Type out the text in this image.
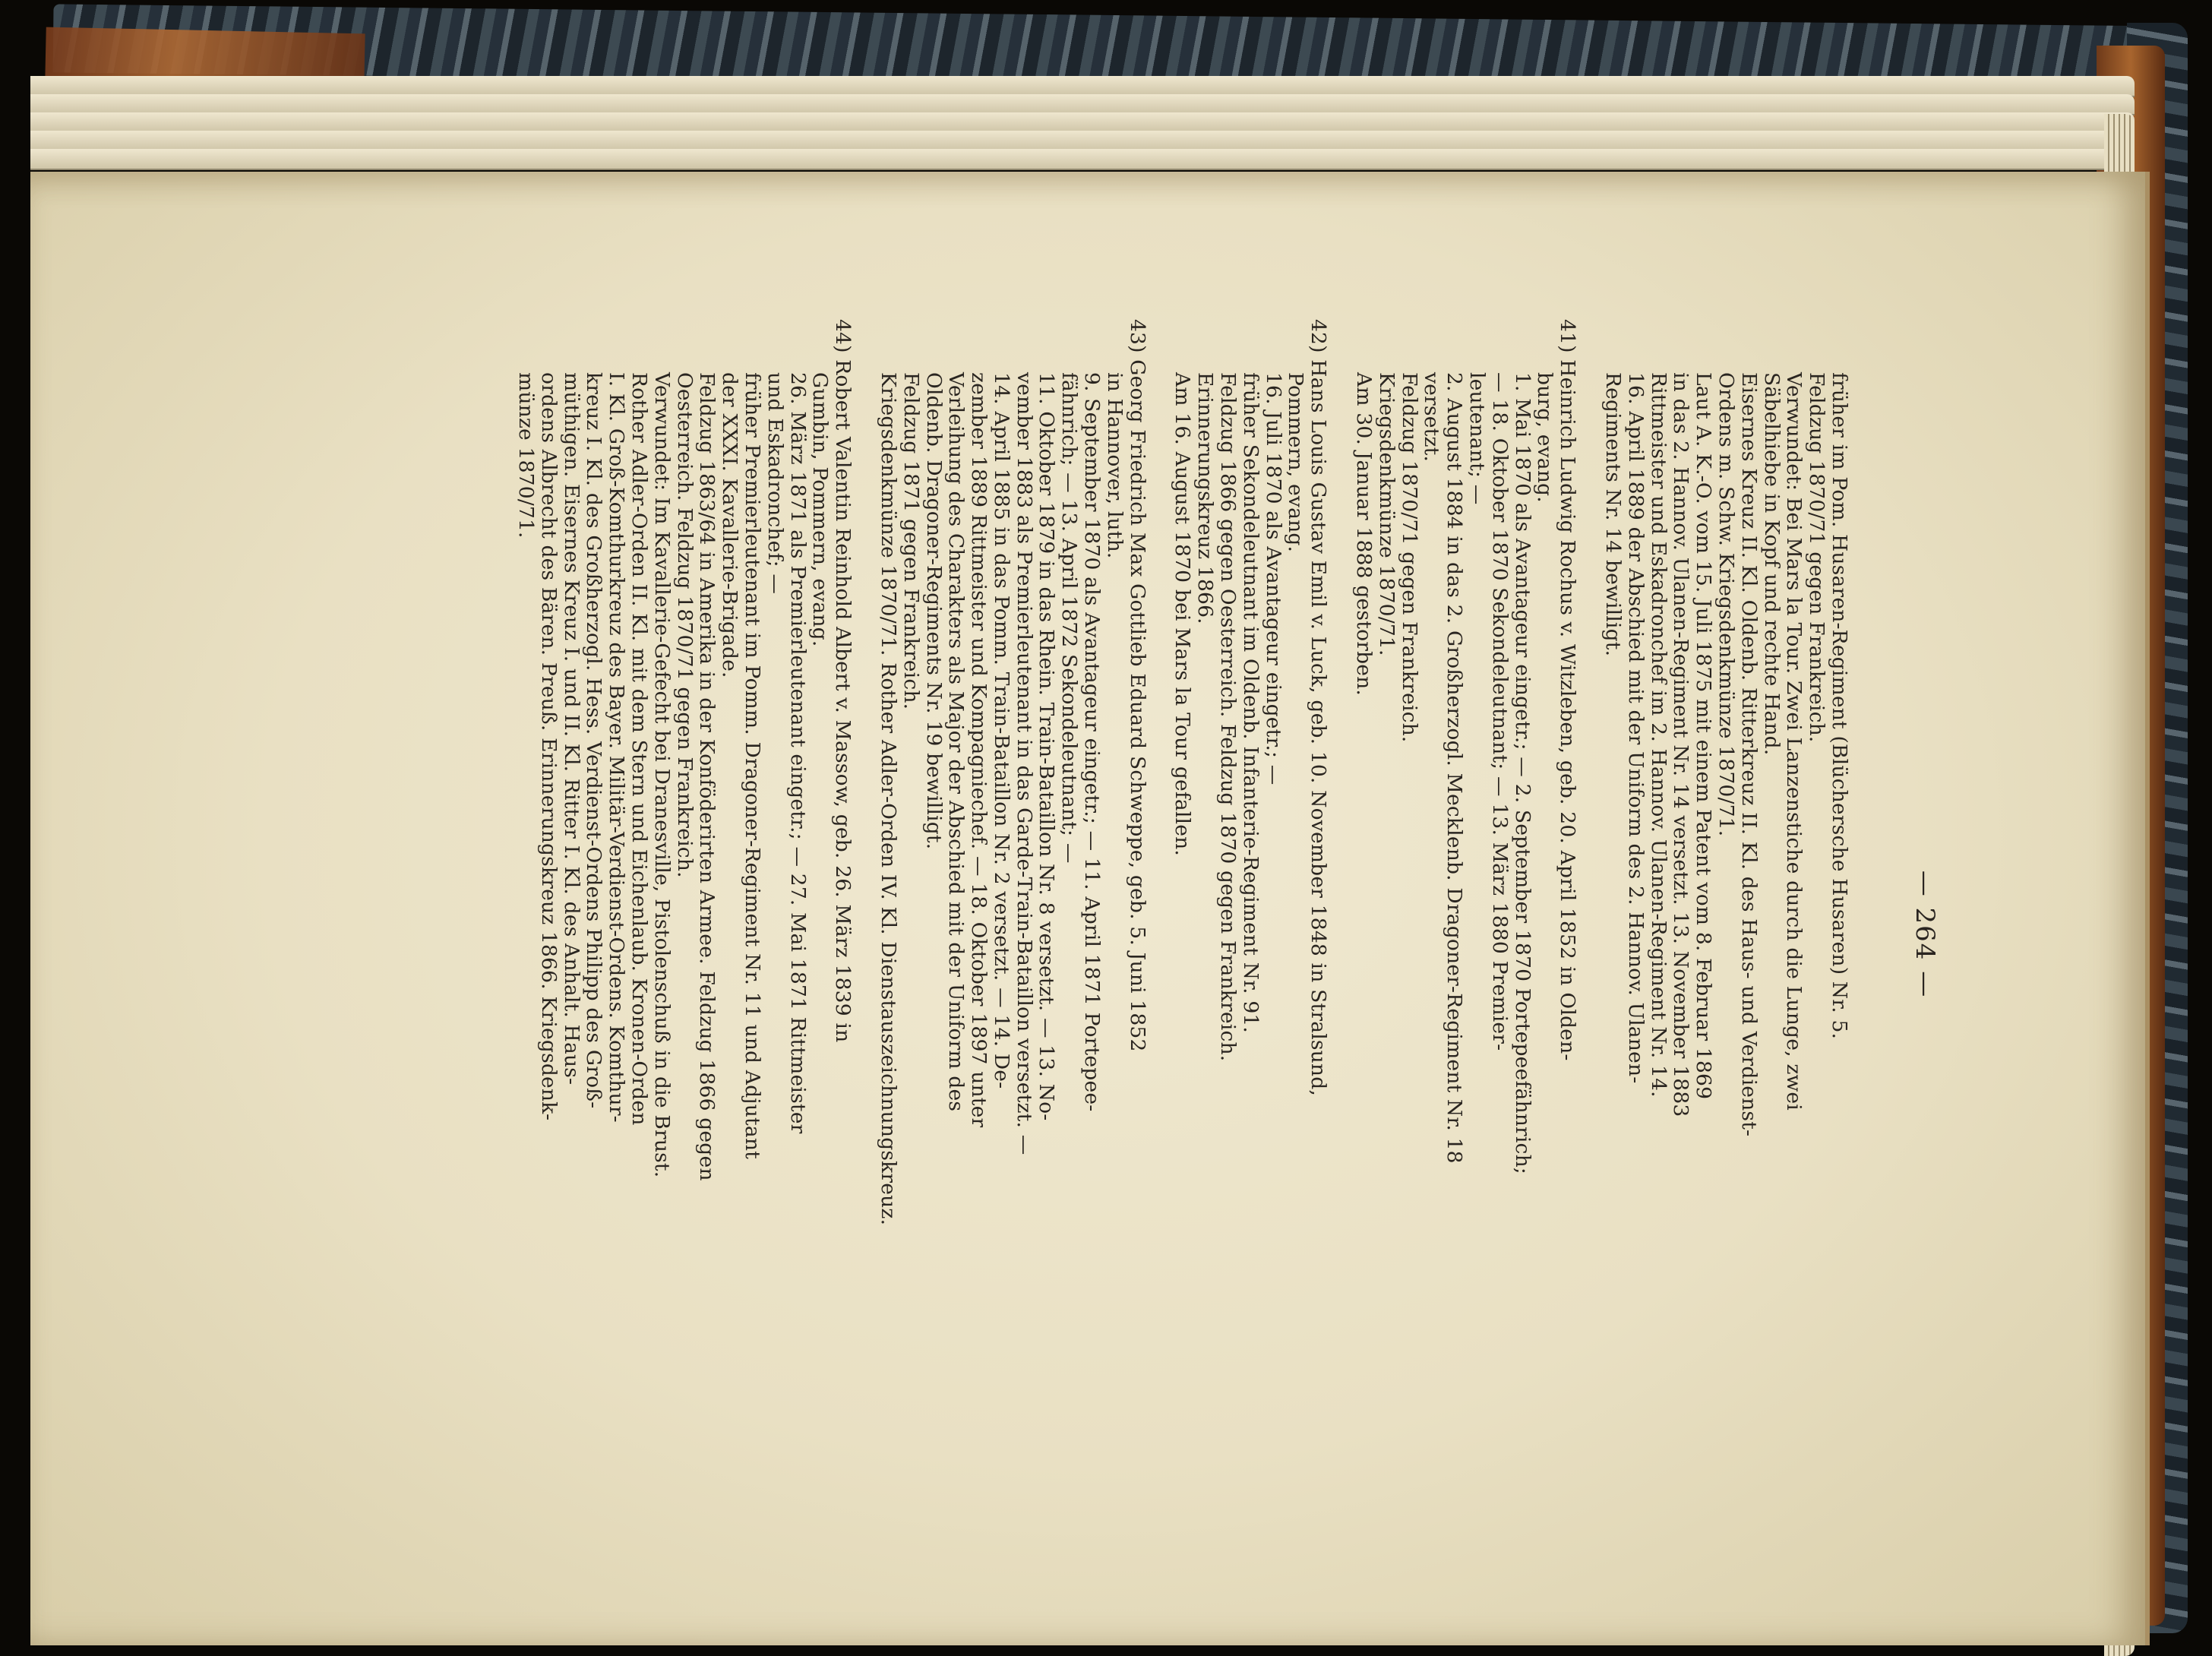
— 264 —
früher im Pom. Husaren-Regiment (Blüchersche Husaren) Nr. 5.
Feldzug 1870/71 gegen Frankreich.
Verwundet: Bei Mars la Tour. Zwei Lanzenstiche durch die Lunge, zwei
Säbelhiebe in Kopf und rechte Hand.
Eisernes Kreuz II. Kl. Oldenb. Ritterkreuz II. Kl. des Haus- und Verdienst-
Ordens m. Schw. Kriegsdenkmünze 1870/71.
Laut A. K.-O. vom 15. Juli 1875 mit einem Patent vom 8. Februar 1869
in das 2. Hannov. Ulanen-Regiment Nr. 14 versetzt. 13. November 1883
Rittmeister und Eskadronchef im 2. Hannov. Ulanen-Regiment Nr. 14.
16. April 1889 der Abschied mit der Uniform des 2. Hannov. Ulanen-
Regiments Nr. 14 bewilligt.
41) Heinrich Ludwig Rochus v. Witzleben, geb. 20. April 1852 in Olden-
burg, evang.
1. Mai 1870 als Avantageur eingetr.; — 2. September 1870 Portepeefähnrich;
— 18. Oktober 1870 Sekondeleutnant; — 13. März 1880 Premier-
leutenant; —
2. August 1884 in das 2. Großherzogl. Mecklenb. Dragoner-Regiment Nr. 18
versetzt.
Feldzug 1870/71 gegen Frankreich.
Kriegsdenkmünze 1870/71.
Am 30. Januar 1888 gestorben.
42) Hans Louis Gustav Emil v. Luck, geb. 10. November 1848 in Stralsund,
Pommern, evang.
16. Juli 1870 als Avantageur eingetr.; —
früher Sekondeleutnant im Oldenb. Infanterie-Regiment Nr. 91.
Feldzug 1866 gegen Oesterreich. Feldzug 1870 gegen Frankreich.
Erinnerungskreuz 1866.
Am 16. August 1870 bei Mars la Tour gefallen.
43) Georg Friedrich Max Gottlieb Eduard Schweppe, geb. 5. Juni 1852
in Hannover, luth.
9. September 1870 als Avantageur eingetr.; — 11. April 1871 Portepee-
fähnrich; — 13. April 1872 Sekondeleutnant; —
11. Oktober 1879 in das Rhein. Train-Bataillon Nr. 8 versetzt. — 13. No-
vember 1883 als Premierleutenant in das Garde-Train-Bataillon versetzt. —
14. April 1885 in das Pomm. Train-Bataillon Nr. 2 versetzt. — 14. De-
zember 1889 Rittmeister und Kompagniechef. — 18. Oktober 1897 unter
Verleihung des Charakters als Major der Abschied mit der Uniform des
Oldenb. Dragoner-Regiments Nr. 19 bewilligt.
Feldzug 1871 gegen Frankreich.
Kriegsdenkmünze 1870/71. Rother Adler-Orden IV. Kl. Dienstauszeichnungskreuz.
44) Robert Valentin Reinhold Albert v. Massow, geb. 26. März 1839 in
Gumbin, Pommern, evang.
26. März 1871 als Premierleutenant eingetr.; — 27. Mai 1871 Rittmeister
und Eskadronchef; —
früher Premierleutenant im Pomm. Dragoner-Regiment Nr. 11 und Adjutant
der XXXI. Kavallerie-Brigade.
Feldzug 1863/64 in Amerika in der Konföderirten Armee. Feldzug 1866 gegen
Oesterreich. Feldzug 1870/71 gegen Frankreich.
Verwundet: Im Kavallerie-Gefecht bei Dranesville, Pistolenschuß in die Brust.
Rother Adler-Orden II. Kl. mit dem Stern und Eichenlaub. Kronen-Orden
I. Kl. Groß-Komthurkreuz des Bayer. Militär-Verdienst-Ordens. Komthur-
kreuz I. Kl. des Großherzogl. Hess. Verdienst-Ordens Philipp des Groß-
müthigen. Eisernes Kreuz I. und II. Kl. Ritter I. Kl. des Anhalt. Haus-
ordens Albrecht des Bären. Preuß. Erinnerungskreuz 1866. Kriegsdenk-
münze 1870/71.
